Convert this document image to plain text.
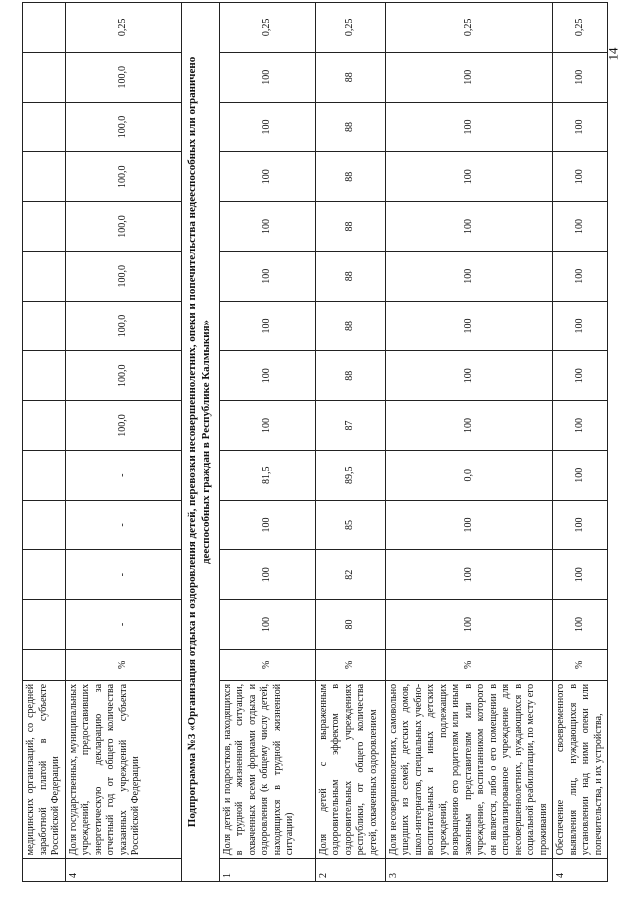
	медицинских организаций, со средней заработной платой в субъекте Российской Федерации														
4	Доля государственных, муниципальных учреждений, предоставивших энергетическую декларацию за отчетный год от общего количества указанных учреждений субъекта Российской Федерации	%	-	-	-	-	100,0	100,0	100,0	100,0	100,0	100,0	100,0	100,0	0,25
Подпрограмма №3 «Организация отдыха и оздоровления детей, перевозки несовершеннолетних, опеки и попечительства недееспособных или ограничено дееспособных граждан в Республике Калмыкия»															
1	Доля детей и подростков, находящихся в трудной жизненной ситуации, охваченных всеми формами отдыха и оздоровления (к общему числу детей, находящихся в трудной жизненной ситуации)	%	100	100	100	81,5	100	100	100	100	100	100	100	100	0,25
2	Доля детей с выраженным оздоровительным эффектом в оздоровительных учреждениях республики, от общего количества детей, охваченных оздоровлением	%	80	82	85	89,5	87	88	88	88	88	88	88	88	0,25
3	Доля несовершеннолетних, самовольно ушедших из семей, детских домов, школ-интернатов, специальных учебно-воспитательных и иных детских учреждений, подлежащих возвращению его родителям или иным законным представителям или в учреждение, воспитанником которого он является, либо о его помещении в специализированное учреждение для несовершеннолетних, нуждающихся в социальной реабилитации, по месту его проживания	%	100	100	100	0,0	100	100	100	100	100	100	100	100	0,25
4	Обеспечение своевременного выявления лиц, нуждающихся в установлении над ними опеки или попечительства, и их устройства,	%	100	100	100	100	100	100	100	100	100	100	100	100	0,25
14
